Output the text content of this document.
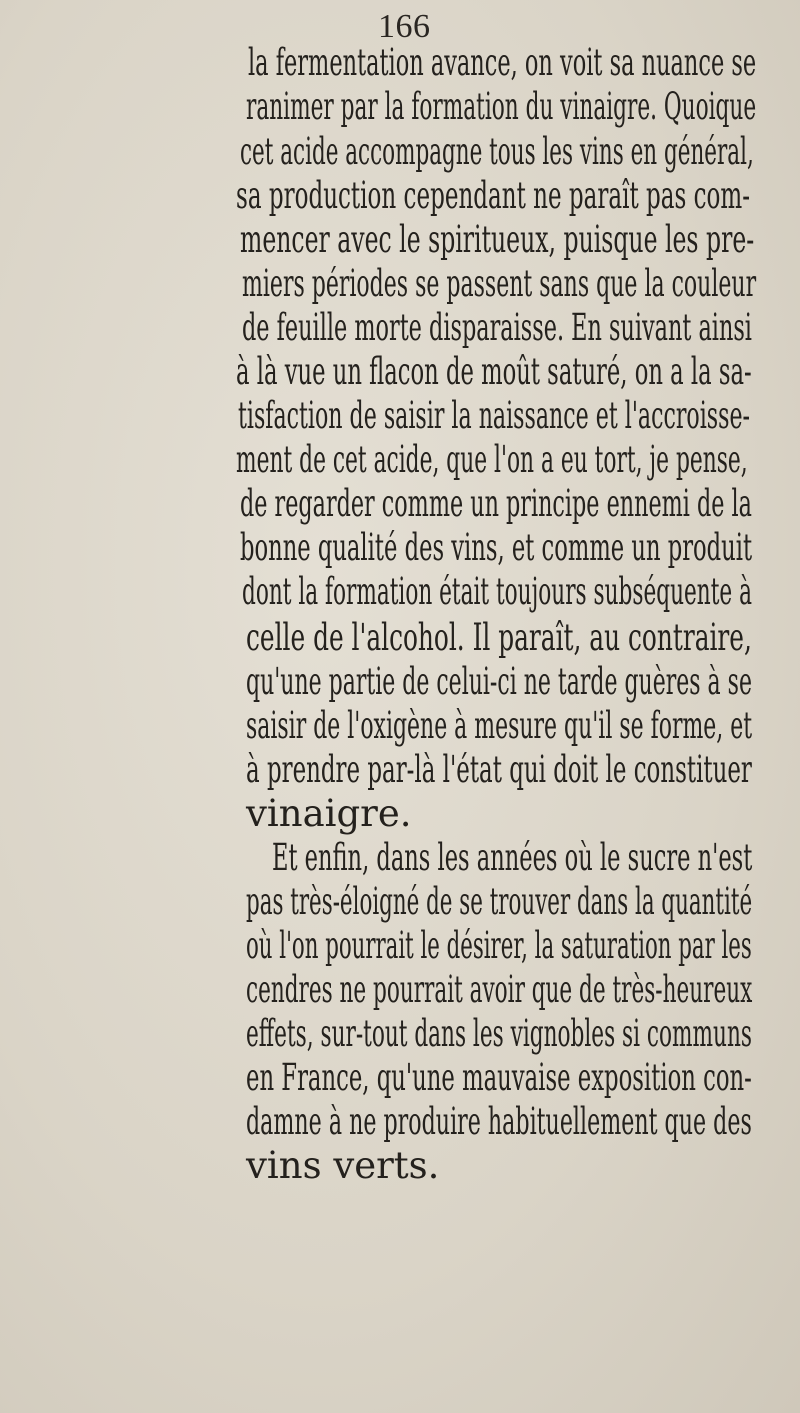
166
la fermentation avance, on voit sa nuance se
ranimer par la formation du vinaigre. Quoique
cet acide accompagne tous les vins en général,
sa production cependant ne paraît pas com-
mencer avec le spiritueux, puisque les pre-
miers périodes se passent sans que la couleur
de feuille morte disparaisse. En suivant ainsi
à là vue un flacon de moût saturé, on a la sa-
tisfaction de saisir la naissance et l'accroisse-
ment de cet acide, que l'on a eu tort, je pense,
de regarder comme un principe ennemi de la
bonne qualité des vins, et comme un produit
dont la formation était toujours subséquente à
celle de l'alcohol. Il paraît, au contraire,
qu'une partie de celui-ci ne tarde guères à se
saisir de l'oxigène à mesure qu'il se forme, et
à prendre par-là l'état qui doit le constituer
vinaigre.
Et enfin, dans les années où le sucre n'est
pas très-éloigné de se trouver dans la quantité
où l'on pourrait le désirer, la saturation par les
cendres ne pourrait avoir que de très-heureux
effets, sur-tout dans les vignobles si communs
en France, qu'une mauvaise exposition con-
damne à ne produire habituellement que des
vins verts.
